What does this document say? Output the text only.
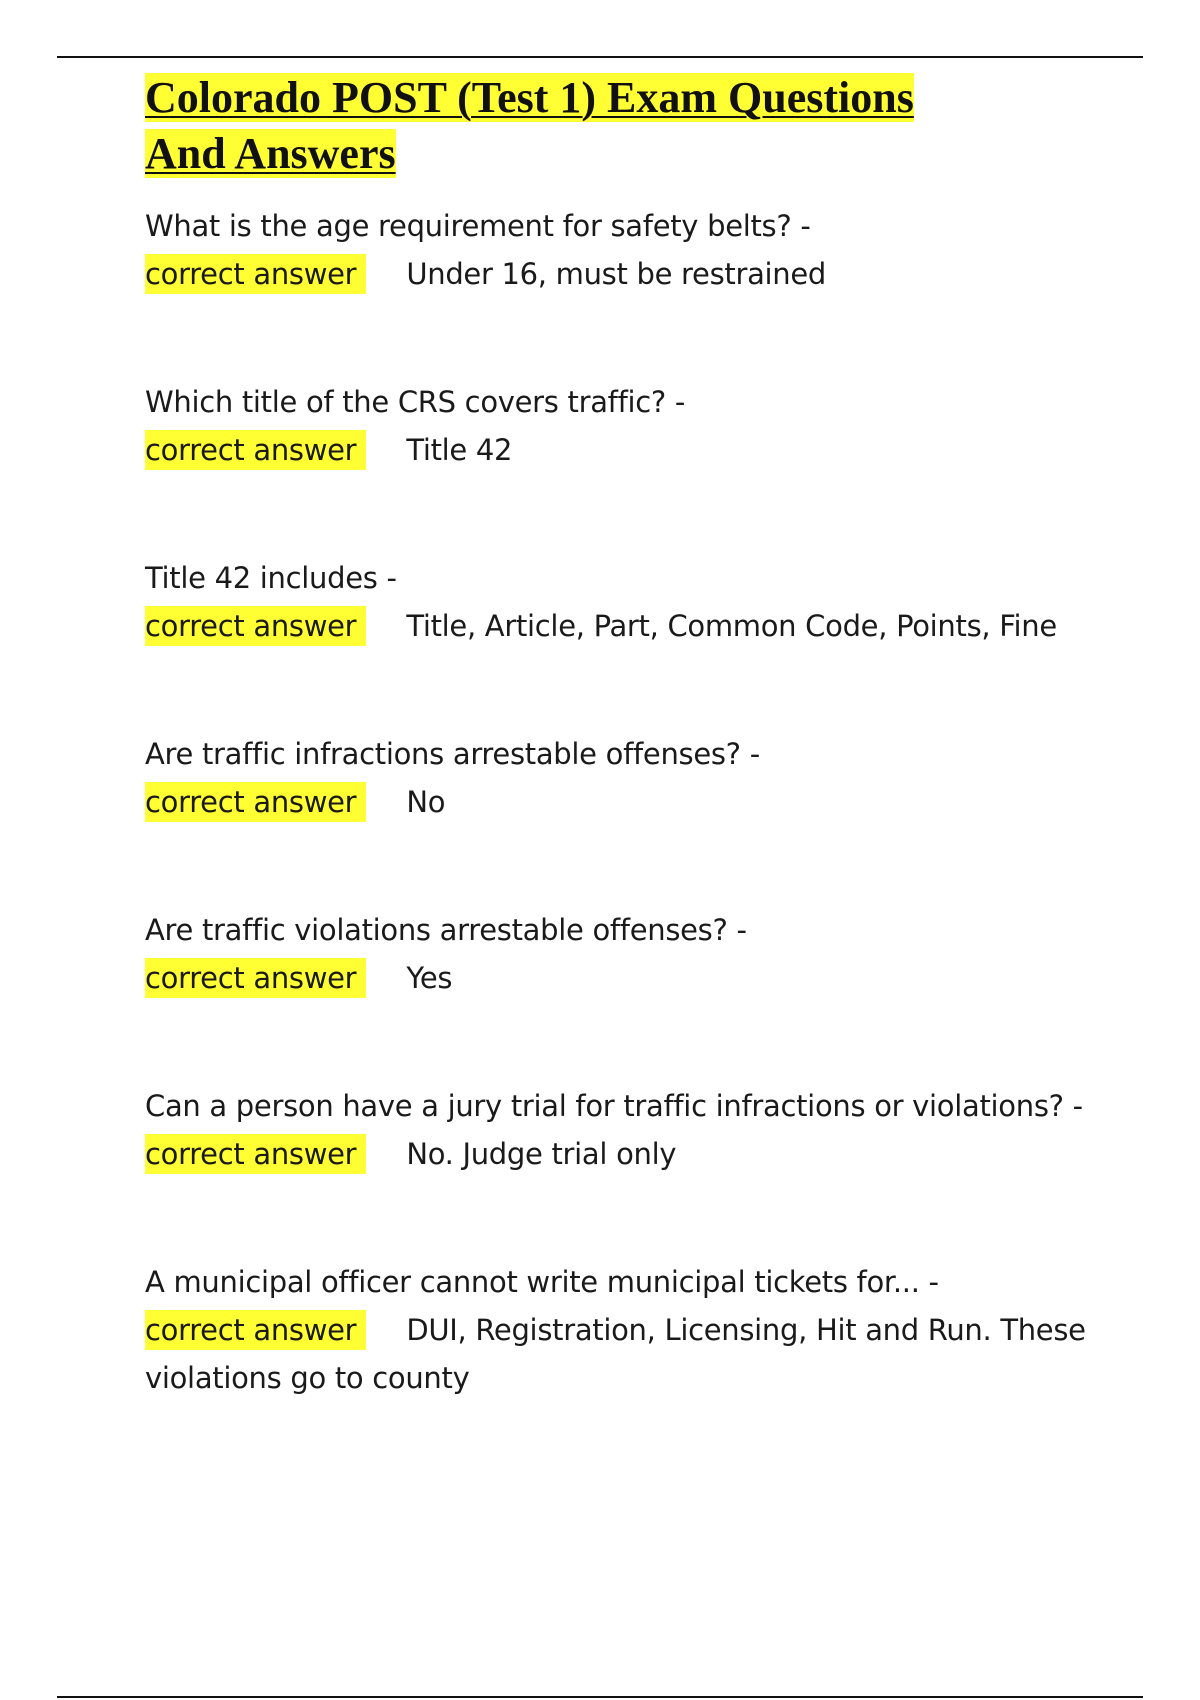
Colorado POST (Test 1) Exam Questions
And Answers
What is the age requirement for safety belts? -
correct answer Under 16, must be restrained
Which title of the CRS covers traffic? -
correct answer Title 42
Title 42 includes -
correct answer Title, Article, Part, Common Code, Points, Fine
Are traffic infractions arrestable offenses? -
correct answer No
Are traffic violations arrestable offenses? -
correct answer Yes
Can a person have a jury trial for traffic infractions or violations? -
correct answer No. Judge trial only
A municipal officer cannot write municipal tickets for... -
correct answer DUI, Registration, Licensing, Hit and Run. These violations go to county
